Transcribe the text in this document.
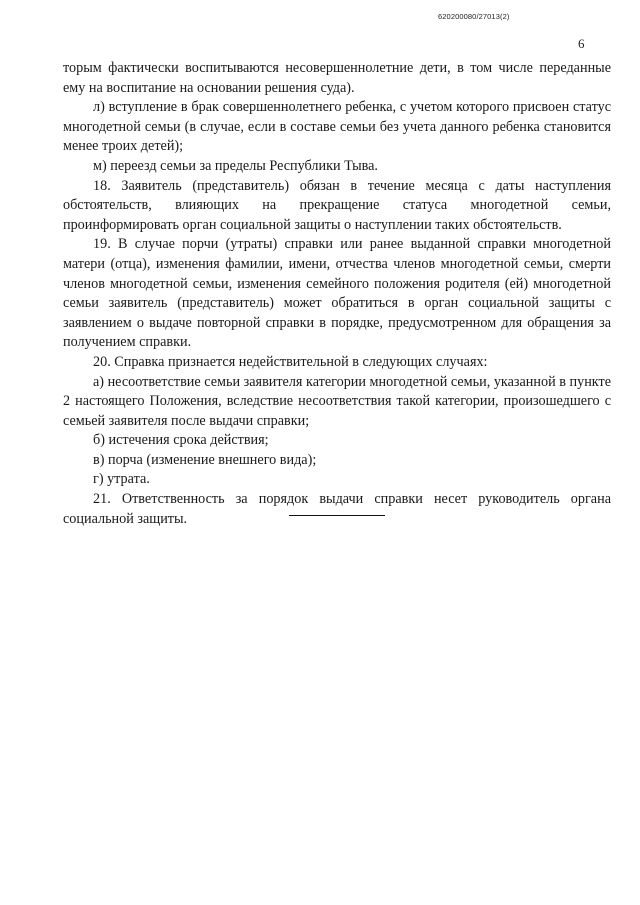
620200080/27013(2)
6

торым фактически воспитываются несовершеннолетние дети, в том числе переданные ему на воспитание на основании решения суда).

л) вступление в брак совершеннолетнего ребенка, с учетом которого присвоен статус многодетной семьи (в случае, если в составе семьи без учета данного ребенка становится менее троих детей);

м) переезд семьи за пределы Республики Тыва.

18. Заявитель (представитель) обязан в течение месяца с даты наступления обстоятельств, влияющих на прекращение статуса многодетной семьи, проинформировать орган социальной защиты о наступлении таких обстоятельств.

19. В случае порчи (утраты) справки или ранее выданной справки многодетной матери (отца), изменения фамилии, имени, отчества членов многодетной семьи, смерти членов многодетной семьи, изменения семейного положения родителя (ей) многодетной семьи заявитель (представитель) может обратиться в орган социальной защиты с заявлением о выдаче повторной справки в порядке, предусмотренном для обращения за получением справки.

20. Справка признается недействительной в следующих случаях:

а) несоответствие семьи заявителя категории многодетной семьи, указанной в пункте 2 настоящего Положения, вследствие несоответствия такой категории, произошедшего с семьей заявителя после выдачи справки;

б) истечения срока действия;

в) порча (изменение внешнего вида);

г) утрата.

21. Ответственность за порядок выдачи справки несет руководитель органа социальной защиты.
